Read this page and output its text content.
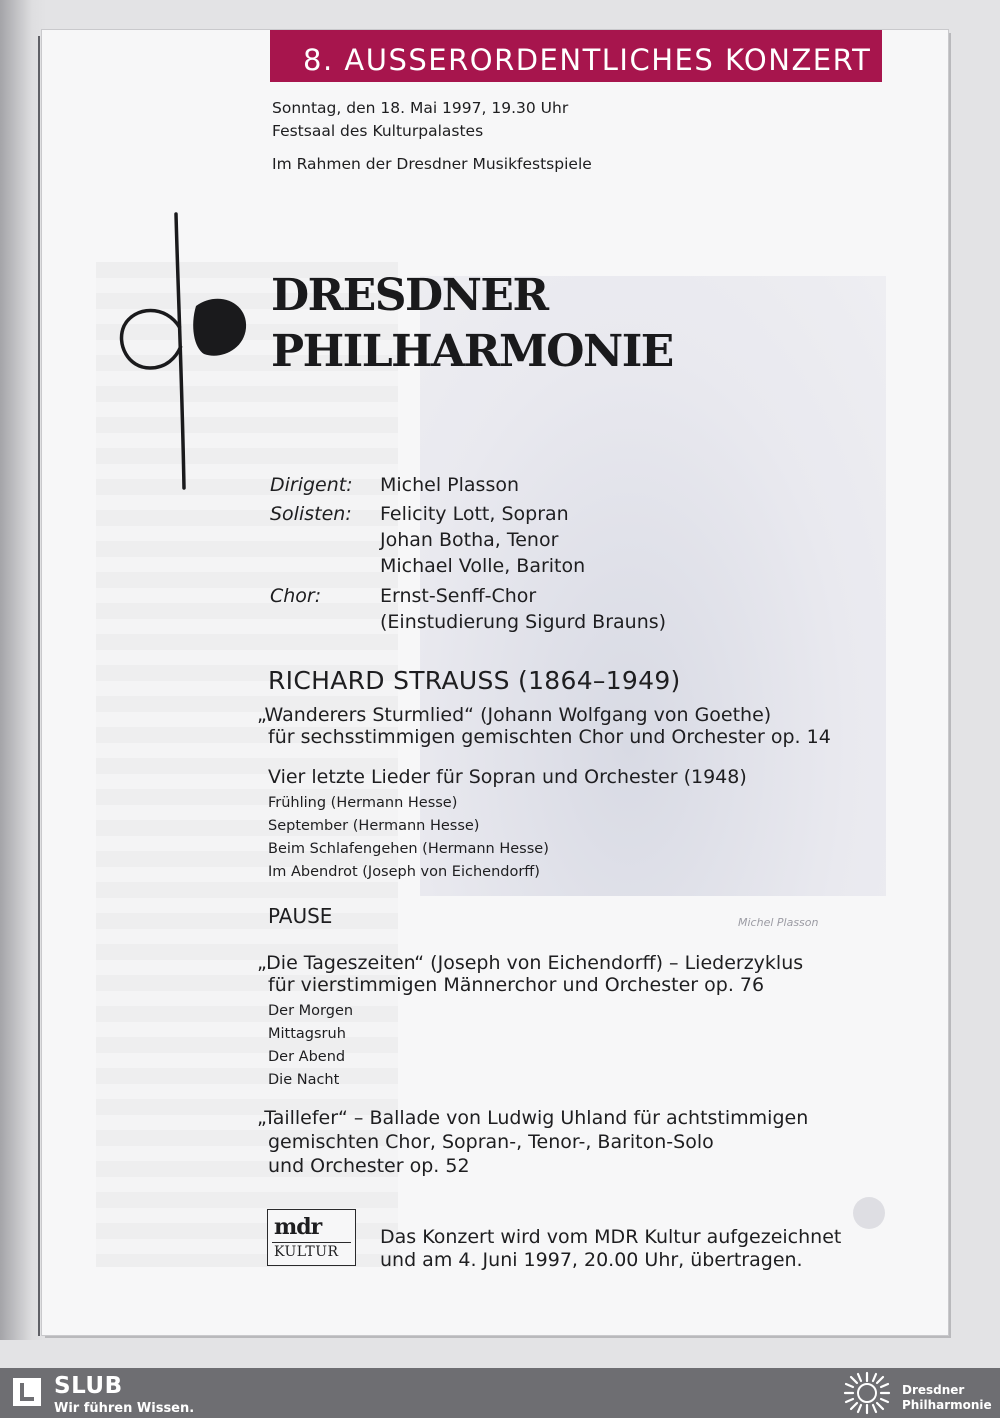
Michel Plasson
8. AUSSERORDENTLICHES KONZERT
Sonntag, den 18. Mai 1997, 19.30 Uhr
Festsaal des Kulturpalastes
Im Rahmen der Dresdner Musikfestspiele
DRESDNER
PHILHARMONIE
Dirigent: Michel Plasson
Solisten: Felicity Lott, Sopran
Johan Botha, Tenor
Michael Volle, Bariton
Chor:	Ernst-Senff-Chor
(Einstudierung Sigurd Brauns)
RICHARD STRAUSS (1864–1949)
„Wanderers Sturmlied“ (Johann Wolfgang von Goethe)
für sechsstimmigen gemischten Chor und Orchester op. 14
Vier letzte Lieder für Sopran und Orchester (1948)
Frühling (Hermann Hesse)
September (Hermann Hesse)
Beim Schlafengehen (Hermann Hesse)
Im Abendrot (Joseph von Eichendorff)
PAUSE
„Die Tageszeiten“ (Joseph von Eichendorff) – Liederzyklus
für vierstimmigen Männerchor und Orchester op. 76
Der Morgen
Mittagsruh
Der Abend
Die Nacht
„Taillefer“ – Ballade von Ludwig Uhland für achtstimmigen
gemischten Chor, Sopran-, Tenor-, Bariton-Solo
und Orchester op. 52
mdr
KULTUR
Das Konzert wird vom MDR Kultur aufgezeichnet
und am 4. Juni 1997, 20.00 Uhr, übertragen.
SLUB
Wir führen Wissen.
Dresdner
Philharmonie
